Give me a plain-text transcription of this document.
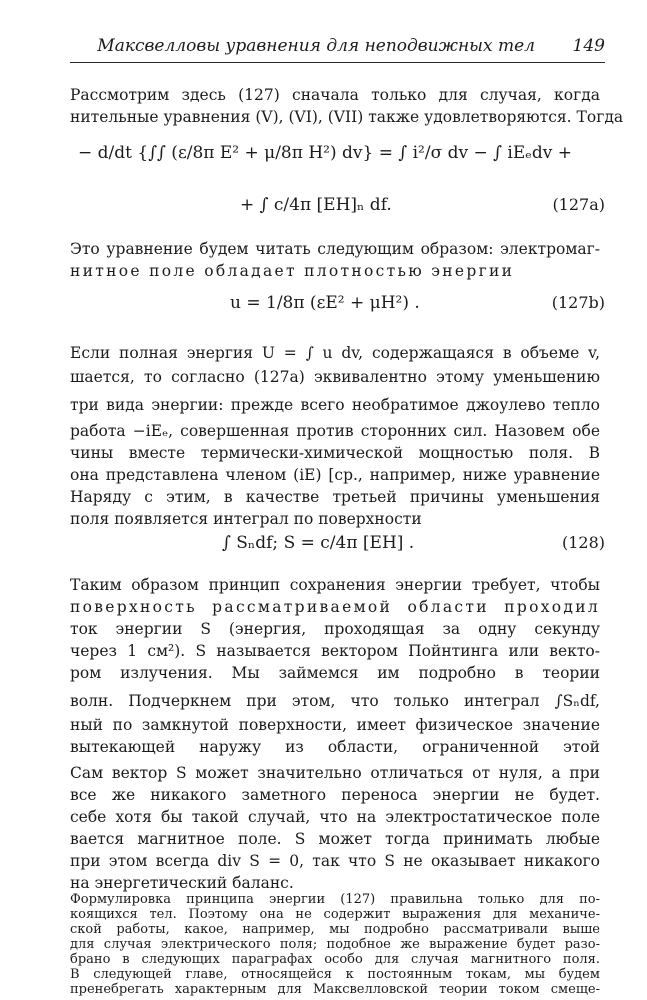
Максвелловы уравнения для неподвижных тел 149
Рассмотрим здесь (127) сначала только для случая, когда
нительные уравнения (V), (VI), (VII) также удовлетворяются. Тогда
− d/dt {∫∫ (ε/8π E² + μ/8π H²) dv} = ∫ i²/σ dv − ∫ iEₑdv +
+ ∫ c/4π [EH]ₙ df.	(127a)
Это уравнение будем читать следующим образом: электромаг-
нитное поле обладает плотностью энергии
u = 1/8π (εE² + μH²) .	(127b)
Если полная энергия U = ∫ u dv, содержащаяся в объеме v,
шается, то согласно (127a) эквивалентно этому уменьшению
три вида энергии: прежде всего необратимое джоулево тепло
работа −iEₑ, совершенная против сторонних сил. Назовем обе
чины вместе термически-химической мощностью поля. В
она представлена членом (iE) [ср., например, ниже уравнение
Наряду с этим, в качестве третьей причины уменьшения
поля появляется интеграл по поверхности
∫ Sₙdf; S = c/4π [EH] .	(128)
Таким образом принцип сохранения энергии требует, чтобы
поверхность рассматриваемой области проходил
ток энергии S (энергия, проходящая за одну секунду
через 1 см²). S называется вектором Пойнтинга или векто-
ром излучения. Мы займемся им подробно в теории
волн. Подчеркнем при этом, что только интеграл ∫Sₙdf,
ный по замкнутой поверхности, имеет физическое значение
вытекающей наружу из области, ограниченной этой
Сам вектор S может значительно отличаться от нуля, а при
все же никакого заметного переноса энергии не будет.
себе хотя бы такой случай, что на электростатическое поле
вается магнитное поле. S может тогда принимать любые
при этом всегда div S = 0, так что S не оказывает никакого
на энергетический баланс.
Формулировка принципа энергии (127) правильна только для по-
коящихся тел. Поэтому она не содержит выражения для механиче-
ской работы, какое, например, мы подробно рассматривали выше
для случая электрического поля; подобное же выражение будет разо-
брано в следующих параграфах особо для случая магнитного поля.
В следующей главе, относящейся к постоянным токам, мы будем
пренебрегать характерным для Максвелловской теории током смеще-
